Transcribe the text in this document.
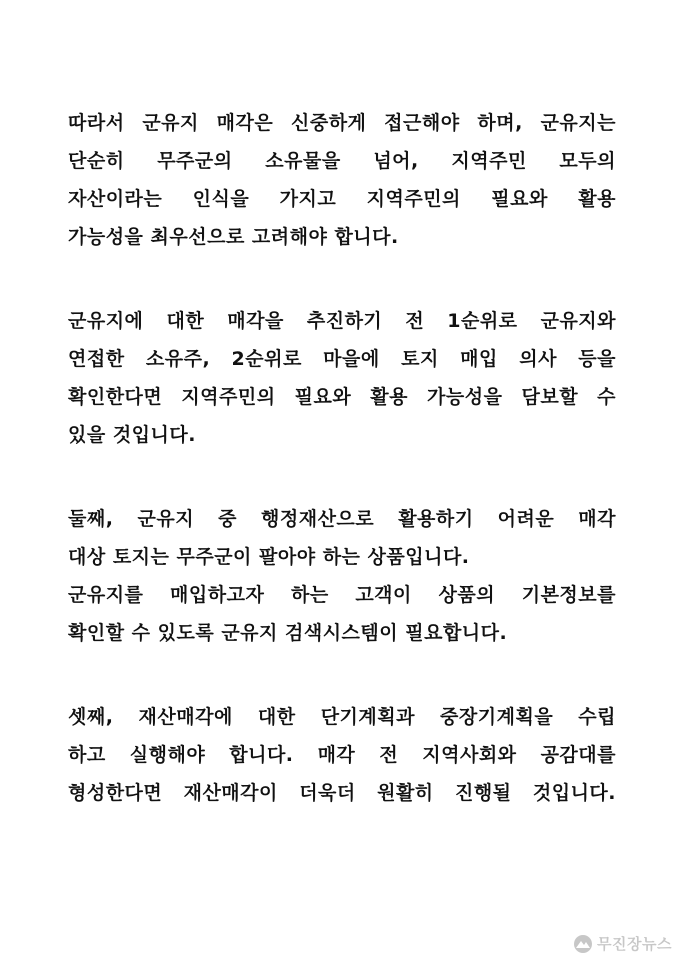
따라서 군유지 매각은 신중하게 접근해야 하며, 군유지는
단순히 무주군의 소유물을 넘어, 지역주민 모두의
자산이라는 인식을 가지고 지역주민의 필요와 활용
가능성을 최우선으로 고려해야 합니다.
군유지에 대한 매각을 추진하기 전 1순위로 군유지와
연접한 소유주, 2순위로 마을에 토지 매입 의사 등을
확인한다면 지역주민의 필요와 활용 가능성을 담보할 수
있을 것입니다.
둘째, 군유지 중 행정재산으로 활용하기 어려운 매각
대상 토지는 무주군이 팔아야 하는 상품입니다.
군유지를 매입하고자 하는 고객이 상품의 기본정보를
확인할 수 있도록 군유지 검색시스템이 필요합니다.
셋째, 재산매각에 대한 단기계획과 중장기계획을 수립
하고 실행해야 합니다. 매각 전 지역사회와 공감대를
형성한다면 재산매각이 더욱더 원활히 진행될 것입니다.
무진장뉴스
